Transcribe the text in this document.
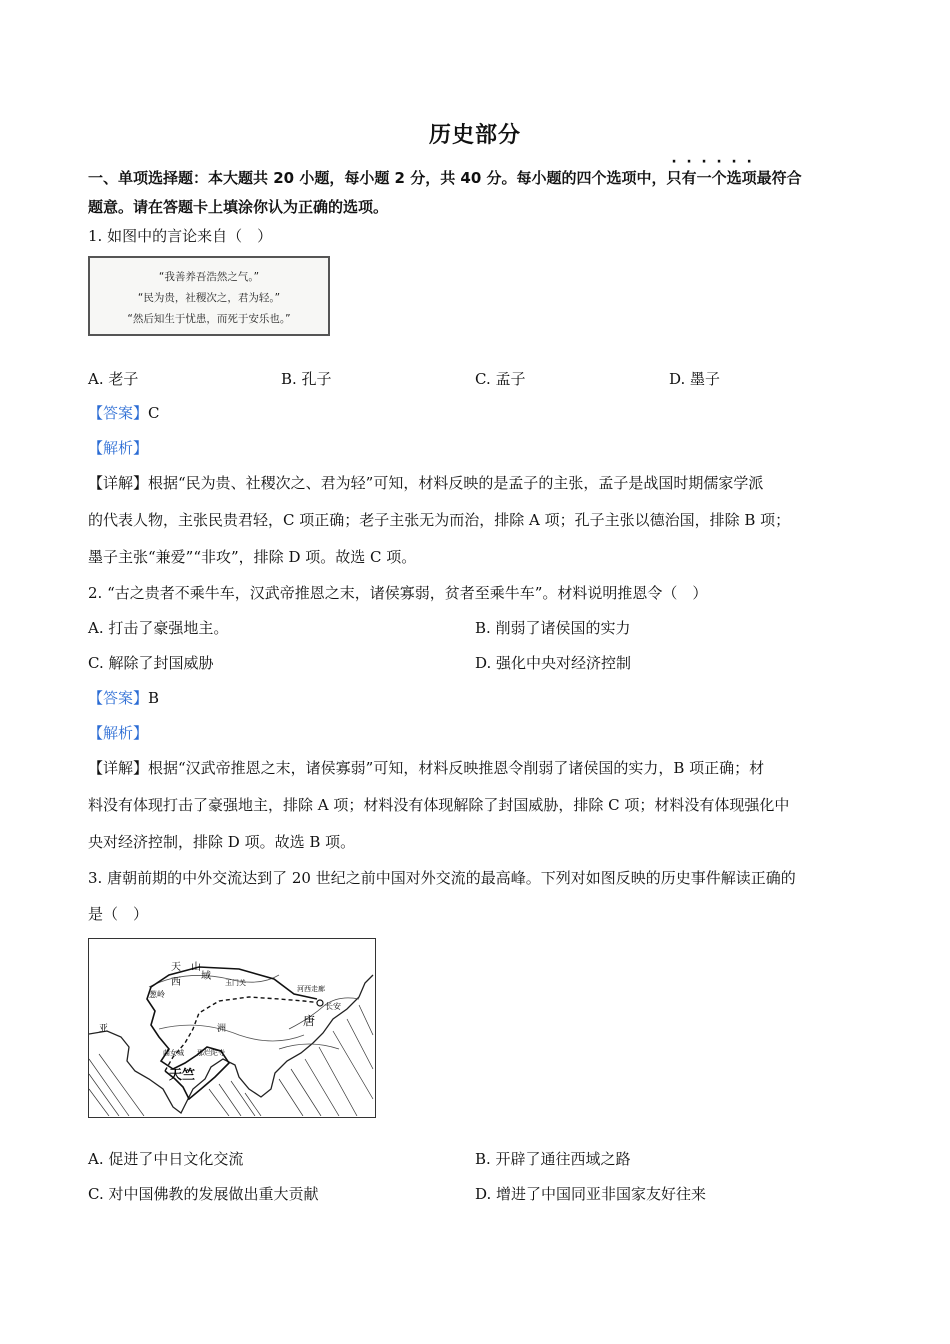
历史部分
一、单项选择题：本大题共 20 小题，每小题 2 分，共 40 分。每小题的四个选项中，只有一个选项最符合
题意。请在答题卡上填涂你认为正确的选项。
1. 如图中的言论来自（　）
“我善养吾浩然之气。”
“民为贵，社稷次之，君为轻。”
“然后知生于忧患，而死于安乐也。”
A. 老子	B. 孔子	C. 孟子	D. 墨子
【答案】C
【解析】
【详解】根据“民为贵、社稷次之、君为轻”可知，材料反映的是孟子的主张，孟子是战国时期儒家学派
的代表人物，主张民贵君轻，C 项正确；老子主张无为而治，排除 A 项；孔子主张以德治国，排除 B 项；
墨子主张“兼爱”“非攻”，排除 D 项。故选 C 项。
2. “古之贵者不乘牛车，汉武帝推恩之末，诸侯寡弱，贫者至乘牛车”。材料说明推恩令（　）
A. 打击了豪强地主。	B. 削弱了诸侯国的实力
C. 解除了封国威胁	D. 强化中央对经济控制
【答案】B
【解析】
【详解】根据“汉武帝推恩之末，诸侯寡弱”可知，材料反映推恩令削弱了诸侯国的实力，B 项正确；材
料没有体现打击了豪强地主，排除 A 项；材料没有体现解除了封国威胁，排除 C 项；材料没有体现强化中
央对经济控制，排除 D 项。故选 B 项。
3. 唐朝前期的中外交流达到了 20 世纪之前中国对外交流的最高峰。下列对如图反映的历史事件解读正确的
是（　）
天　山
西
域
玉门关
河西走廊
长安
唐
亚	洲
葱岭
曲女城 那烂陀寺
天竺
A. 促进了中日文化交流	B. 开辟了通往西域之路
C. 对中国佛教的发展做出重大贡献	D. 增进了中国同亚非国家友好往来
